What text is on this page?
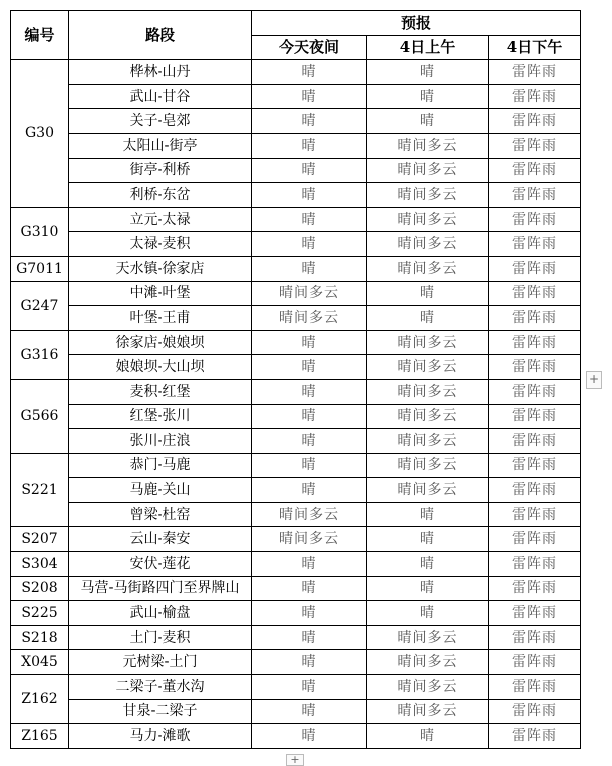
编号	路段	预报		
		今天夜间	4日上午	4日下午
G30	桦林-山丹	晴	晴	雷阵雨
	武山-甘谷	晴	晴	雷阵雨
	关子-皂郊	晴	晴	雷阵雨
	太阳山-街亭	晴	晴间多云	雷阵雨
	街亭-利桥	晴	晴间多云	雷阵雨
	利桥-东岔	晴	晴间多云	雷阵雨
G310	立元-太禄	晴	晴间多云	雷阵雨
	太禄-麦积	晴	晴间多云	雷阵雨
G7011	天水镇-徐家店	晴	晴间多云	雷阵雨
G247	中滩-叶堡	晴间多云	晴	雷阵雨
	叶堡-王甫	晴间多云	晴	雷阵雨
G316	徐家店-娘娘坝	晴	晴间多云	雷阵雨
	娘娘坝-大山坝	晴	晴间多云	雷阵雨
G566	麦积-红堡	晴	晴间多云	雷阵雨
	红堡-张川	晴	晴间多云	雷阵雨
	张川-庄浪	晴	晴间多云	雷阵雨
S221	恭门-马鹿	晴	晴间多云	雷阵雨
	马鹿-关山	晴	晴间多云	雷阵雨
	曾梁-杜窑	晴间多云	晴	雷阵雨
S207	云山-秦安	晴间多云	晴	雷阵雨
S304	安伏-莲花	晴	晴	雷阵雨
S208	马营-马街路四门至界牌山	晴	晴	雷阵雨
S225	武山-榆盘	晴	晴	雷阵雨
S218	土门-麦积	晴	晴间多云	雷阵雨
X045	元树梁-土门	晴	晴间多云	雷阵雨
Z162	二梁子-董水沟	晴	晴间多云	雷阵雨
	甘泉-二梁子	晴	晴间多云	雷阵雨
Z165	马力-滩歌	晴	晴	雷阵雨
+
+
